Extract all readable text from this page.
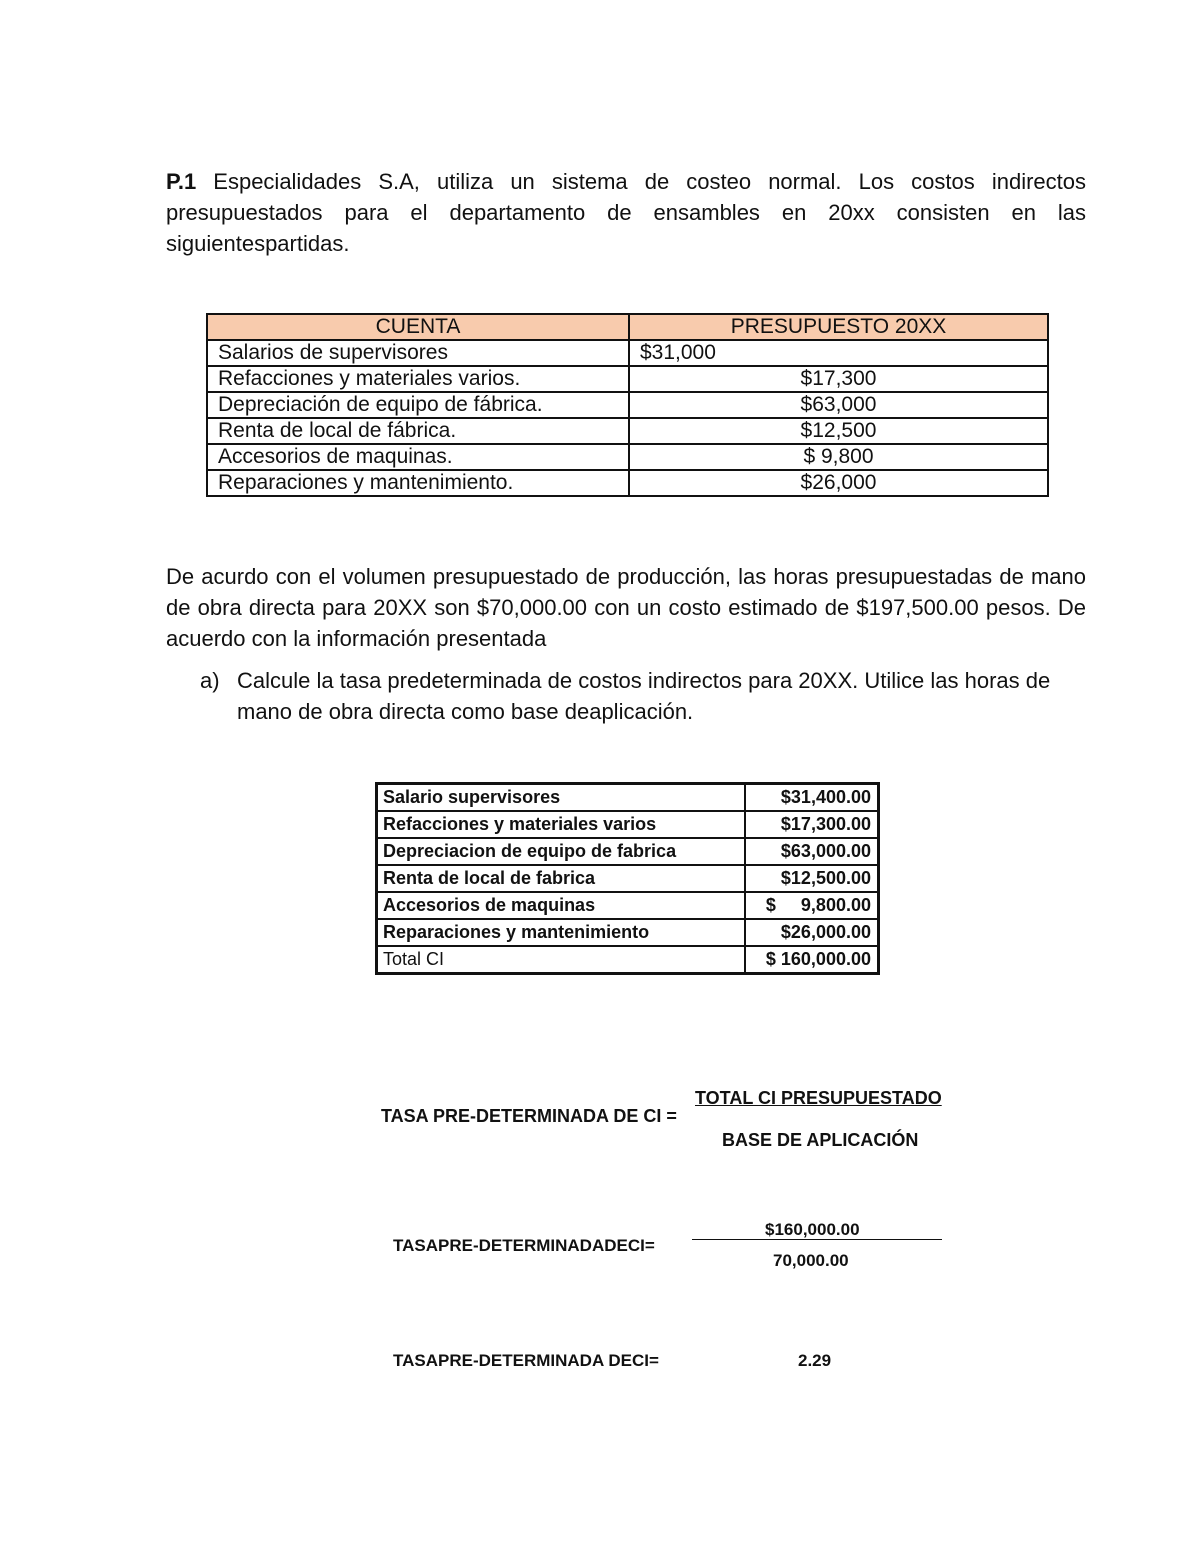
P.1 Especialidades S.A, utiliza un sistema de costeo normal. Los costos indirectos presupuestados para el departamento de ensambles en 20xx consisten en las siguientespartidas.

CUENTA	PRESUPUESTO 20XX
Salarios de supervisores	$31,000
Refacciones y materiales varios.	$17,300
Depreciación de equipo de fábrica.	$63,000
Renta de local de fábrica.	$12,500
Accesorios de maquinas.	$ 9,800
Reparaciones y mantenimiento.	$26,000

De acurdo con el volumen presupuestado de producción, las horas presupuestadas de mano de obra directa para 20XX son $70,000.00 con un costo estimado de $197,500.00 pesos. De acuerdo con la información presentada

a) Calcule la tasa predeterminada de costos indirectos para 20XX. Utilice las horas de mano de obra directa como base deaplicación.
Salario supervisores	$31,400.00
Refacciones y materiales varios	$17,300.00
Depreciacion de equipo de fabrica	$63,000.00
Renta de local de fabrica	$12,500.00
Accesorios de maquinas	$     9,800.00
Reparaciones y mantenimiento	$26,000.00
Total CI	$ 160,000.00
TASA PRE-DETERMINADA DE CI =
TOTAL CI PRESUPUESTADO
BASE DE APLICACIÓN
TASAPRE-DETERMINADADECI=
$160,000.00
70,000.00
TASAPRE-DETERMINADA DECI=	2.29
